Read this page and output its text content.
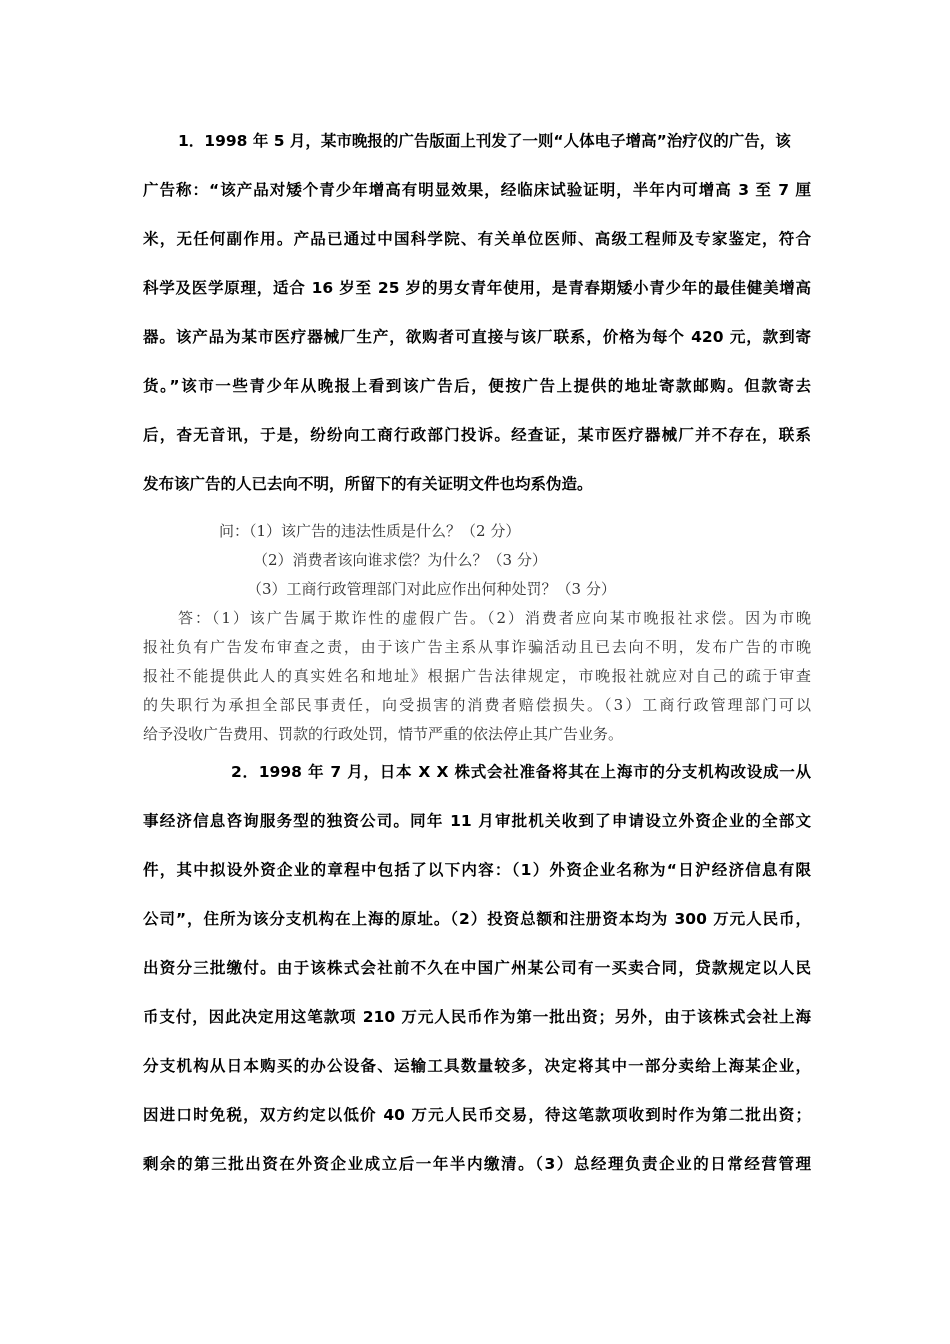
1．1998 年 5 月，某市晚报的广告版面上刊发了一则“人体电子增高”治疗仪的广告，该
广告称：“该产品对矮个青少年增高有明显效果，经临床试验证明，半年内可增高 3 至 7 厘
米，无任何副作用。产品已通过中国科学院、有关单位医师、高级工程师及专家鉴定，符合
科学及医学原理，适合 16 岁至 25 岁的男女青年使用，是青春期矮小青少年的最佳健美增高
器。该产品为某市医疗器械厂生产，欲购者可直接与该厂联系，价格为每个 420 元，款到寄
货。”该市一些青少年从晚报上看到该广告后，便按广告上提供的地址寄款邮购。但款寄去
后，杳无音讯，于是，纷纷向工商行政部门投诉。经查证，某市医疗器械厂并不存在，联系
发布该广告的人已去向不明，所留下的有关证明文件也均系伪造。
问：（1）该广告的违法性质是什么？（2 分）
（2）消费者该向谁求偿？为什么？（3 分）
（3）工商行政管理部门对此应作出何种处罚？（3 分）
答：（1）该广告属于欺诈性的虚假广告。（2）消费者应向某市晚报社求偿。因为市晚
报社负有广告发布审查之责，由于该广告主系从事诈骗活动且已去向不明，发布广告的市晚
报社不能提供此人的真实姓名和地址》根据广告法律规定，市晚报社就应对自己的疏于审查
的失职行为承担全部民事责任，向受损害的消费者赔偿损失。（3）工商行政管理部门可以
给予没收广告费用、罚款的行政处罚，情节严重的依法停止其广告业务。
2．1998 年 7 月，日本 X X 株式会社准备将其在上海市的分支机构改设成一从
事经济信息咨询服务型的独资公司。同年 11 月审批机关收到了申请设立外资企业的全部文
件，其中拟设外资企业的章程中包括了以下内容：（1）外资企业名称为“日沪经济信息有限
公司”，住所为该分支机构在上海的原址。（2）投资总额和注册资本均为 300 万元人民币，
出资分三批缴付。由于该株式会社前不久在中国广州某公司有一买卖合同，贷款规定以人民
币支付，因此决定用这笔款项 210 万元人民币作为第一批出资；另外，由于该株式会社上海
分支机构从日本购买的办公设备、运输工具数量较多，决定将其中一部分卖给上海某企业，
因进口时免税，双方约定以低价 40 万元人民币交易，待这笔款项收到时作为第二批出资；
剩余的第三批出资在外资企业成立后一年半内缴清。（3）总经理负责企业的日常经营管理
